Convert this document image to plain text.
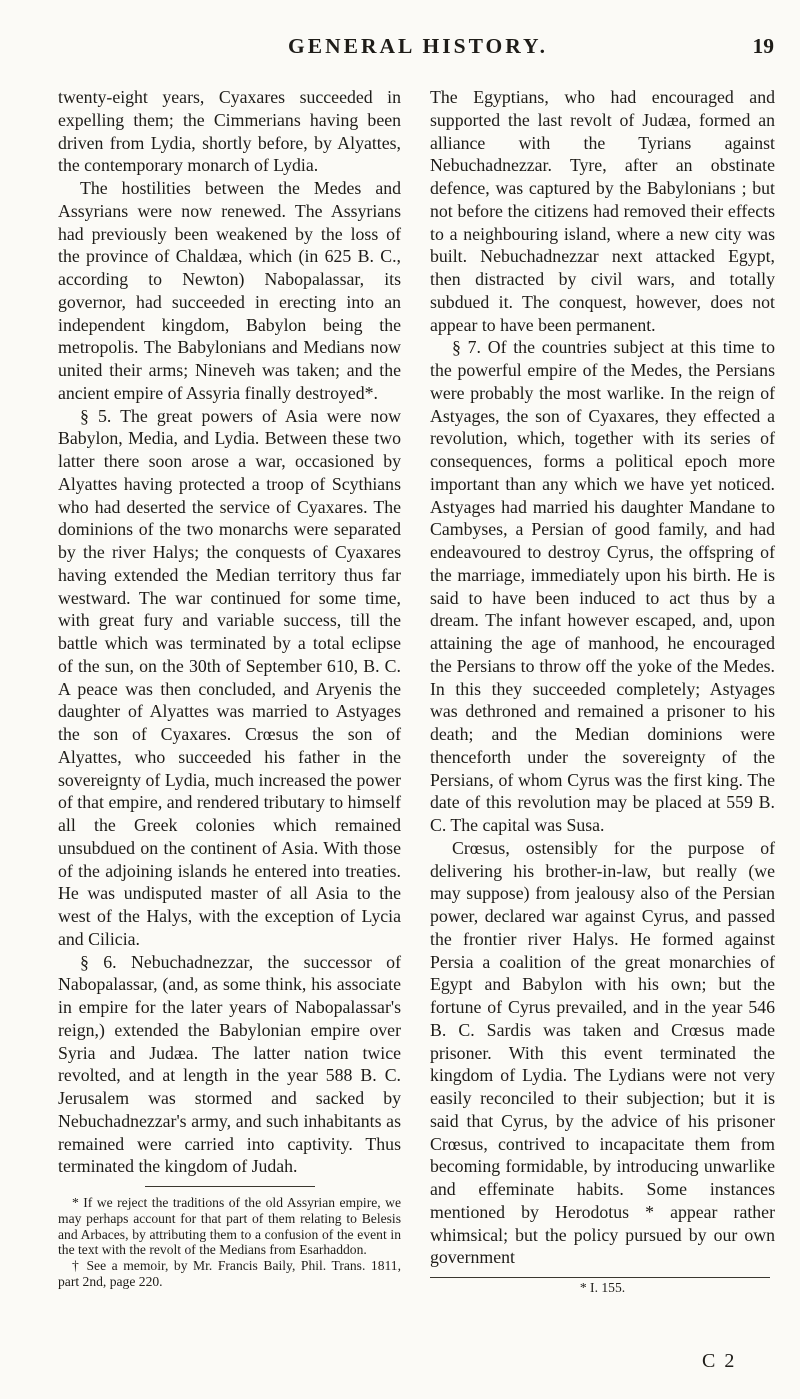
GENERAL HISTORY.	19

twenty-eight years, Cyaxares succeeded in expelling them; the Cimmerians having been driven from Lydia, shortly before, by Alyattes, the contemporary monarch of Lydia.

The hostilities between the Medes and Assyrians were now renewed. The Assyrians had previously been weakened by the loss of the province of Chaldæa, which (in 625 B. C., according to Newton) Nabopalassar, its governor, had succeeded in erecting into an independent kingdom, Babylon being the metropolis. The Babylonians and Medians now united their arms; Nineveh was taken; and the ancient empire of Assyria finally destroyed*.

§ 5. The great powers of Asia were now Babylon, Media, and Lydia. Between these two latter there soon arose a war, occasioned by Alyattes having protected a troop of Scythians who had deserted the service of Cyaxares. The dominions of the two monarchs were separated by the river Halys; the conquests of Cyaxares having extended the Median territory thus far westward. The war continued for some time, with great fury and variable success, till the battle which was terminated by a total eclipse of the sun, on the 30th of September 610, B. C. A peace was then concluded, and Aryenis the daughter of Alyattes was married to Astyages the son of Cyaxares. Crœsus the son of Alyattes, who succeeded his father in the sovereignty of Lydia, much increased the power of that empire, and rendered tributary to himself all the Greek colonies which remained unsubdued on the continent of Asia. With those of the adjoining islands he entered into treaties. He was undisputed master of all Asia to the west of the Halys, with the exception of Lycia and Cilicia.

§ 6. Nebuchadnezzar, the successor of Nabopalassar, (and, as some think, his associate in empire for the later years of Nabopalassar's reign,) extended the Babylonian empire over Syria and Judæa. The latter nation twice revolted, and at length in the year 588 B. C. Jerusalem was stormed and sacked by Nebuchadnezzar's army, and such inhabitants as remained were carried into captivity. Thus terminated the kingdom of Judah.

* If we reject the traditions of the old Assyrian empire, we may perhaps account for that part of them relating to Belesis and Arbaces, by attributing them to a confusion of the event in the text with the revolt of the Medians from Esarhaddon.

† See a memoir, by Mr. Francis Baily, Phil. Trans. 1811, part 2nd, page 220.

The Egyptians, who had encouraged and supported the last revolt of Judæa, formed an alliance with the Tyrians against Nebuchadnezzar. Tyre, after an obstinate defence, was captured by the Babylonians ; but not before the citizens had removed their effects to a neighbouring island, where a new city was built. Nebuchadnezzar next attacked Egypt, then distracted by civil wars, and totally subdued it. The conquest, however, does not appear to have been permanent.

§ 7. Of the countries subject at this time to the powerful empire of the Medes, the Persians were probably the most warlike. In the reign of Astyages, the son of Cyaxares, they effected a revolution, which, together with its series of consequences, forms a political epoch more important than any which we have yet noticed. Astyages had married his daughter Mandane to Cambyses, a Persian of good family, and had endeavoured to destroy Cyrus, the offspring of the marriage, immediately upon his birth. He is said to have been induced to act thus by a dream. The infant however escaped, and, upon attaining the age of manhood, he encouraged the Persians to throw off the yoke of the Medes. In this they succeeded completely; Astyages was dethroned and remained a prisoner to his death; and the Median dominions were thenceforth under the sovereignty of the Persians, of whom Cyrus was the first king. The date of this revolution may be placed at 559 B. C. The capital was Susa.

Crœsus, ostensibly for the purpose of delivering his brother-in-law, but really (we may suppose) from jealousy also of the Persian power, declared war against Cyrus, and passed the frontier river Halys. He formed against Persia a coalition of the great monarchies of Egypt and Babylon with his own; but the fortune of Cyrus prevailed, and in the year 546 B. C. Sardis was taken and Crœsus made prisoner. With this event terminated the kingdom of Lydia. The Lydians were not very easily reconciled to their subjection; but it is said that Cyrus, by the advice of his prisoner Crœsus, contrived to incapacitate them from becoming formidable, by introducing unwarlike and effeminate habits. Some instances mentioned by Herodotus * appear rather whimsical; but the policy pursued by our own government

* I. 155.
C 2
